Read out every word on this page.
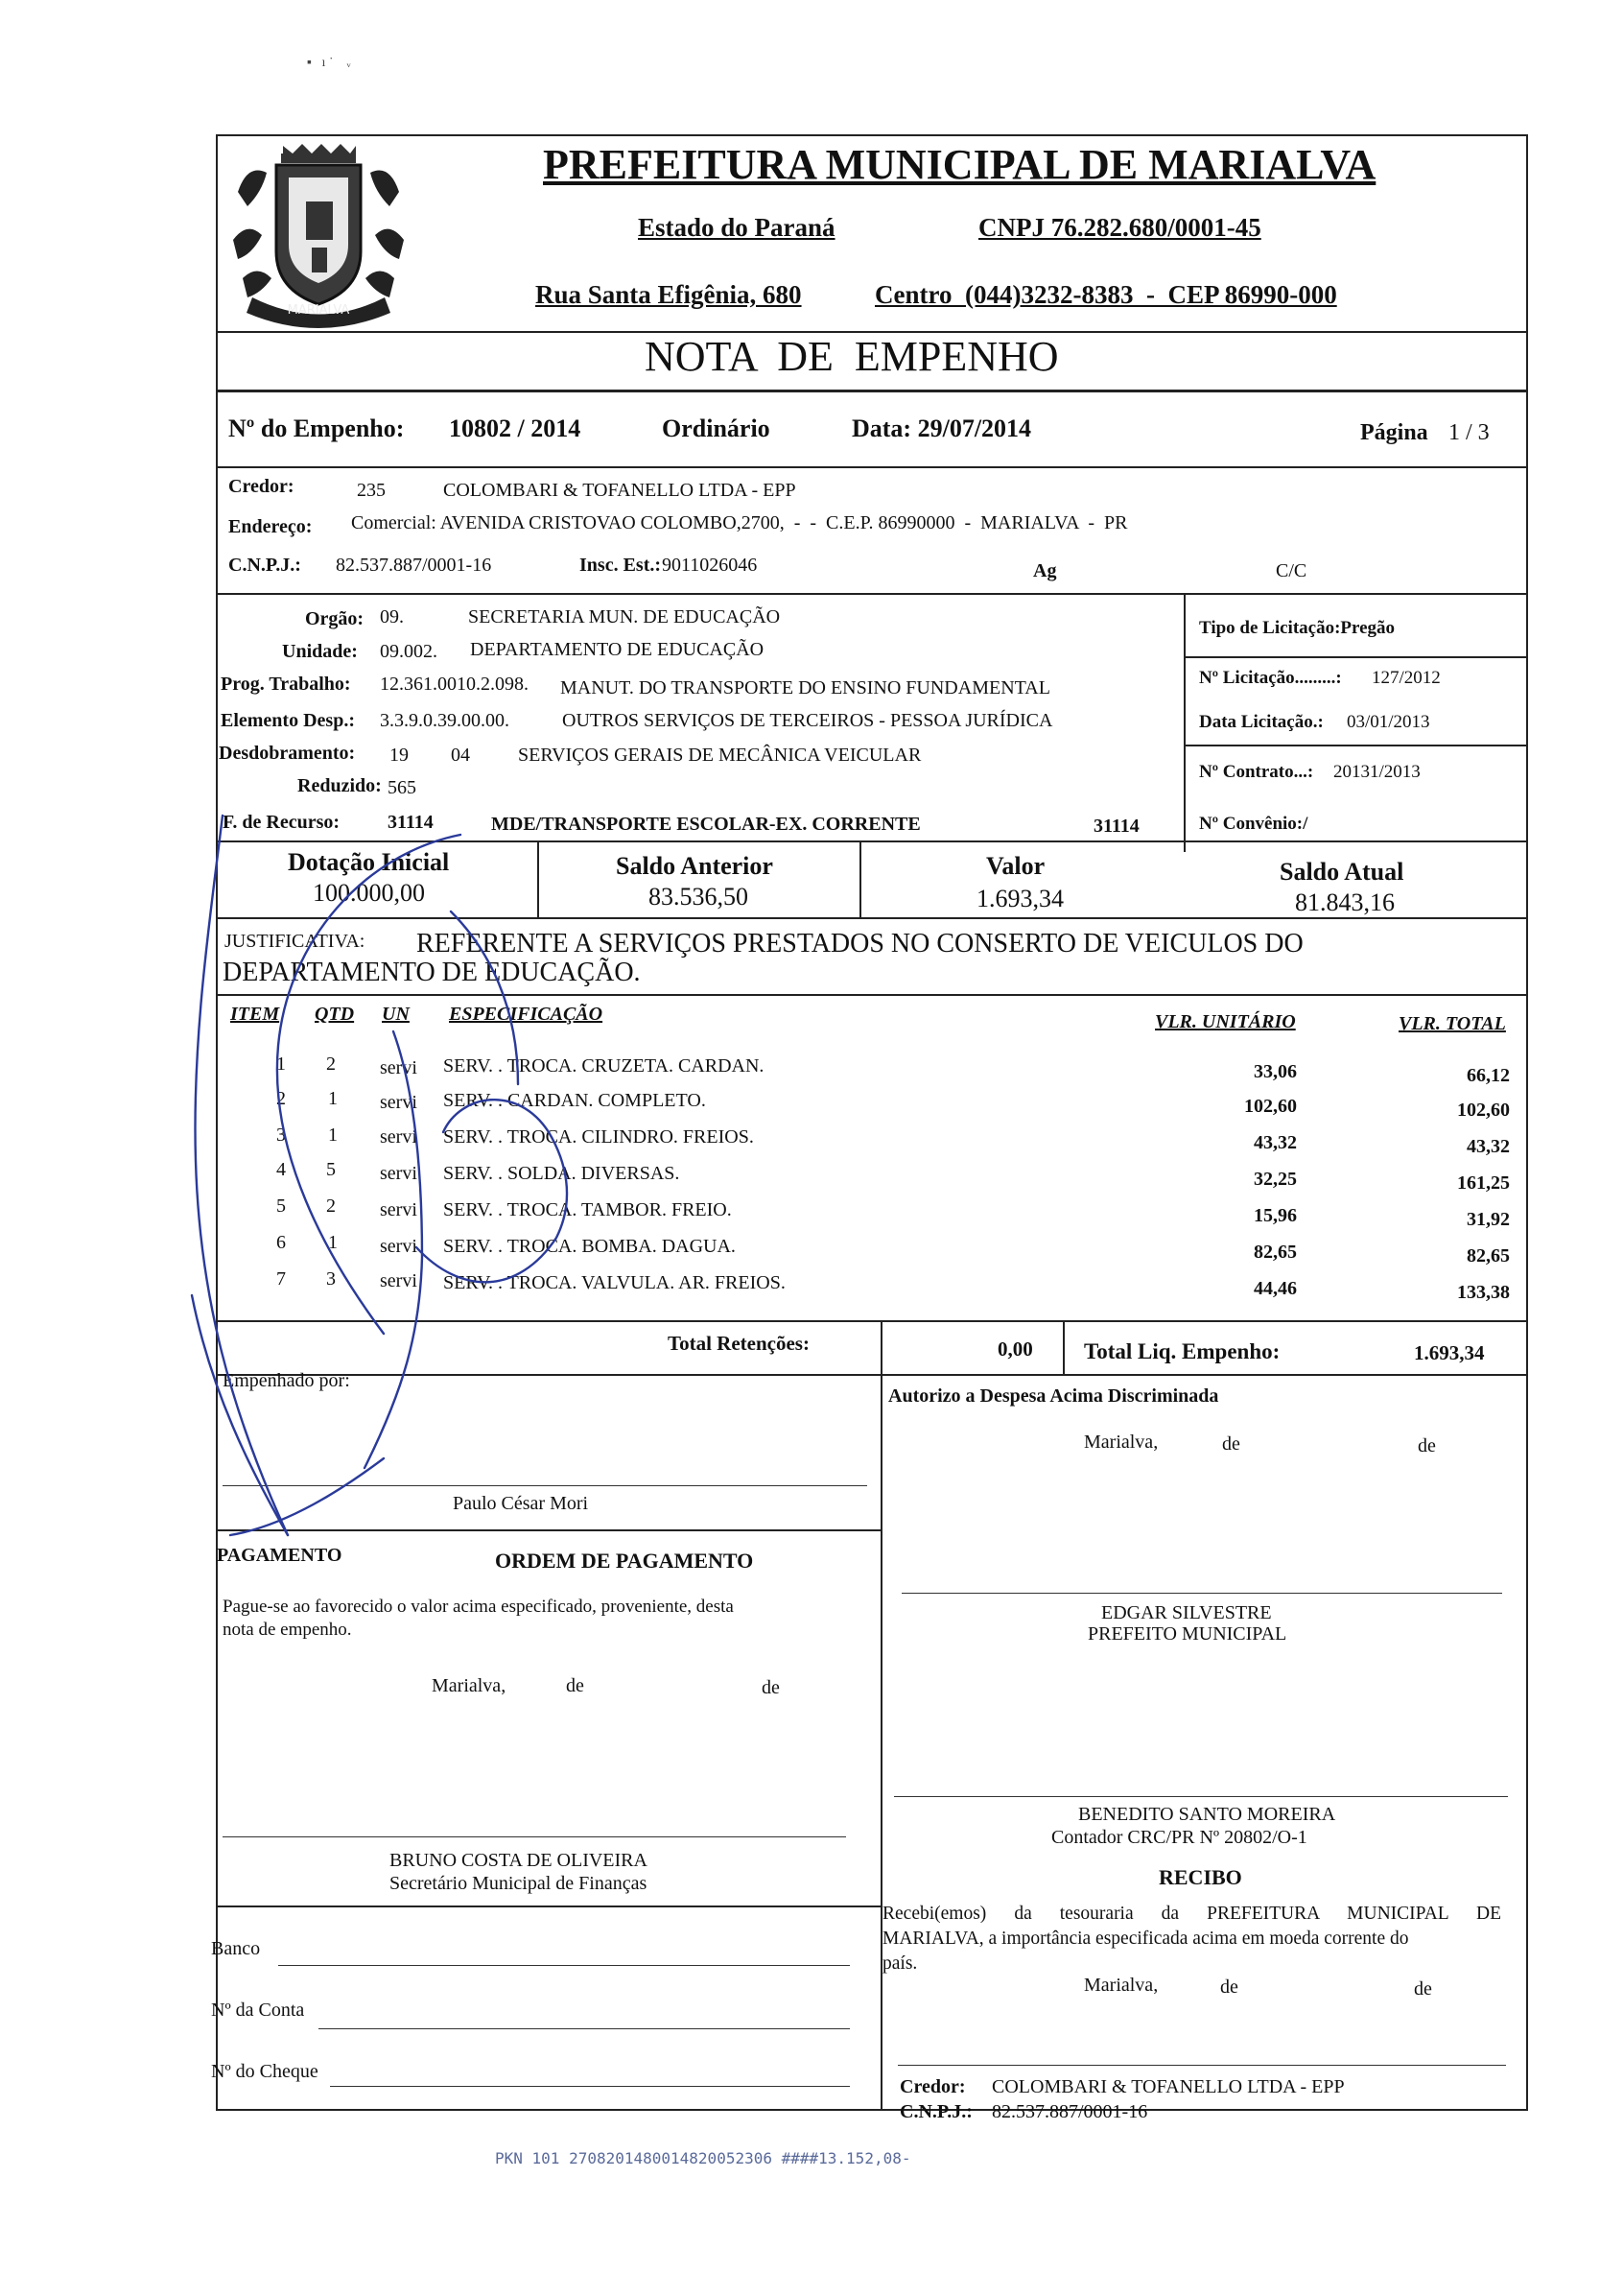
▪   ı ˙    ᵥ
MARIALVA
PREFEITURA MUNICIPAL DE MARIALVA
Estado do Paraná	CNPJ 76.282.680/0001-45
Rua Santa Efigênia, 680	Centro  (044)3232-8383  -  CEP 86990-000
NOTA  DE  EMPENHO
Nº do Empenho: 10802 / 2014	Ordinário	Data: 29/07/2014	Página 1 / 3
Credor:	235	COLOMBARI & TOFANELLO LTDA - EPP
Endereço: Comercial: AVENIDA CRISTOVAO COLOMBO,2700,  -  -  C.E.P. 86990000  -  MARIALVA  -  PR
C.N.P.J.: 82.537.887/0001-16	Insc. Est.: 9011026046	Ag	C/C
Orgão: 09.	SECRETARIA MUN. DE EDUCAÇÃO
Unidade: 09.002. DEPARTAMENTO DE EDUCAÇÃO
Prog. Trabalho: 12.361.0010.2.098. MANUT. DO TRANSPORTE DO ENSINO FUNDAMENTAL
Elemento Desp.: 3.3.9.0.39.00.00.	OUTROS SERVIÇOS DE TERCEIROS - PESSOA JURÍDICA
Desdobramento: 19 04	SERVIÇOS GERAIS DE MECÂNICA VEICULAR
Reduzido: 565
F. de Recurso: 31114	MDE/TRANSPORTE ESCOLAR-EX. CORRENTE	31114
Tipo de Licitação:Pregão
Nº Licitação.........: 127/2012
Data Licitação.: 03/01/2013
Nº Contrato...: 20131/2013
Nº Convênio:/
Dotação Inicial
100.000,00
Saldo Anterior
83.536,50
Valor
1.693,34
Saldo Atual
81.843,16
JUSTIFICATIVA: REFERENTE A SERVIÇOS PRESTADOS NO CONSERTO DE VEICULOS DO
DEPARTAMENTO DE EDUCAÇÃO.
ITEM QTD UN ESPECIFICAÇÃO	VLR. UNITÁRIO	VLR. TOTAL
1 2 servi SERV. . TROCA. CRUZETA. CARDAN.	33,06	66,12
2 1 servi SERV. . CARDAN. COMPLETO.	102,60	102,60
3 1 servi SERV. . TROCA. CILINDRO. FREIOS.	43,32	43,32
4 5 servi SERV. . SOLDA. DIVERSAS.	32,25	161,25
5 2 servi SERV. . TROCA. TAMBOR. FREIO.	15,96	31,92
6 1 servi SERV. . TROCA. BOMBA. DAGUA.	82,65	82,65
7 3 servi SERV. . TROCA. VALVULA. AR. FREIOS.	44,46	133,38
Total Retenções:	0,00 Total Liq. Empenho:	1.693,34
Empenhado por:
Paulo César Mori
Autorizo a Despesa Acima Discriminada
Marialva,	de	de
PAGAMENTO	ORDEM DE PAGAMENTO
Pague-se ao favorecido o valor acima especificado, proveniente, desta
nota de empenho.
Marialva,	de	de
BRUNO COSTA DE OLIVEIRA
Secretário Municipal de Finanças
Banco
Nº da Conta
Nº do Cheque
EDGAR SILVESTRE
PREFEITO MUNICIPAL
BENEDITO SANTO MOREIRA
Contador CRC/PR Nº 20802/O-1
RECIBO
Recebi(emos) da tesouraria da PREFEITURA MUNICIPAL DE
MARIALVA, a importância especificada acima em moeda corrente do
país.
Marialva,	de	de
Credor: COLOMBARI & TOFANELLO LTDA - EPP
C.N.P.J.: 82.537.887/0001-16
PKN 101 2708201480014820052306 ####13.152,08-
